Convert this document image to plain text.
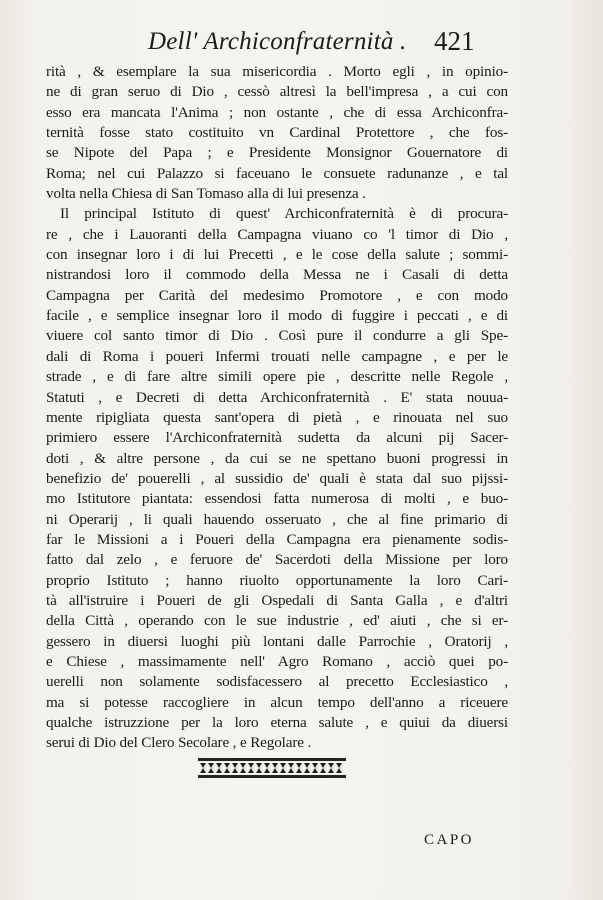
Dell' Archiconfraternità . 421
rità , & esemplare la sua misericordia . Morto egli , in opinio-
ne di gran seruo di Dio , cessò altresì la bell'impresa , a cui con
esso era mancata l'Anima ; non ostante , che di essa Archiconfra-
ternità fosse stato costituito vn Cardinal Protettore , che fos-
se Nipote del Papa ; e Presidente Monsignor Gouernatore di
Roma; nel cui Palazzo si faceuano le consuete radunanze , e tal
volta nella Chiesa di San Tomaso alla di lui presenza .
Il principal Istituto di quest' Archiconfraternità è di procura-
re , che i Lauoranti della Campagna viuano co 'l timor di Dio ,
con insegnar loro i di lui Precetti , e le cose della salute ; sommi-
nistrandosi loro il commodo della Messa ne i Casali di detta
Campagna per Carità del medesimo Promotore , e con modo
facile , e semplice insegnar loro il modo di fuggire i peccati , e di
viuere col santo timor di Dio . Così pure il condurre a gli Spe-
dali di Roma i poueri Infermi trouati nelle campagne , e per le
strade , e di fare altre simili opere pie , descritte nelle Regole ,
Statuti , e Decreti di detta Archiconfraternità . E' stata nouua-
mente ripigliata questa sant'opera di pietà , e rinouata nel suo
primiero essere l'Archiconfraternità sudetta da alcuni pij Sacer-
doti , & altre persone , da cui se ne spettano buoni progressi in
benefizio de' pouerelli , al sussidio de' quali è stata dal suo pijssi-
mo Istitutore piantata: essendosi fatta numerosa di molti , e buo-
ni Operarij , li quali hauendo osseruato , che al fine primario di
far le Missioni a i Poueri della Campagna era pienamente sodis-
fatto dal zelo , e feruore de' Sacerdoti della Missione per loro
proprio Istituto ; hanno riuolto opportunamente la loro Cari-
tà all'istruire i Poueri de gli Ospedali di Santa Galla , e d'altri
della Città , operando con le sue industrie , ed' aiuti , che si er-
gessero in diuersi luoghi più lontani dalle Parrochie , Oratorij ,
e Chiese , massimamente nell' Agro Romano , acciò quei po-
uerelli non solamente sodisfacessero al precetto Ecclesiastico ,
ma si potesse raccogliere in alcun tempo dell'anno a riceuere
qualche istruzzione per la loro eterna salute , e quiui da diuersi
serui di Dio del Clero Secolare , e Regolare .
CAPO
